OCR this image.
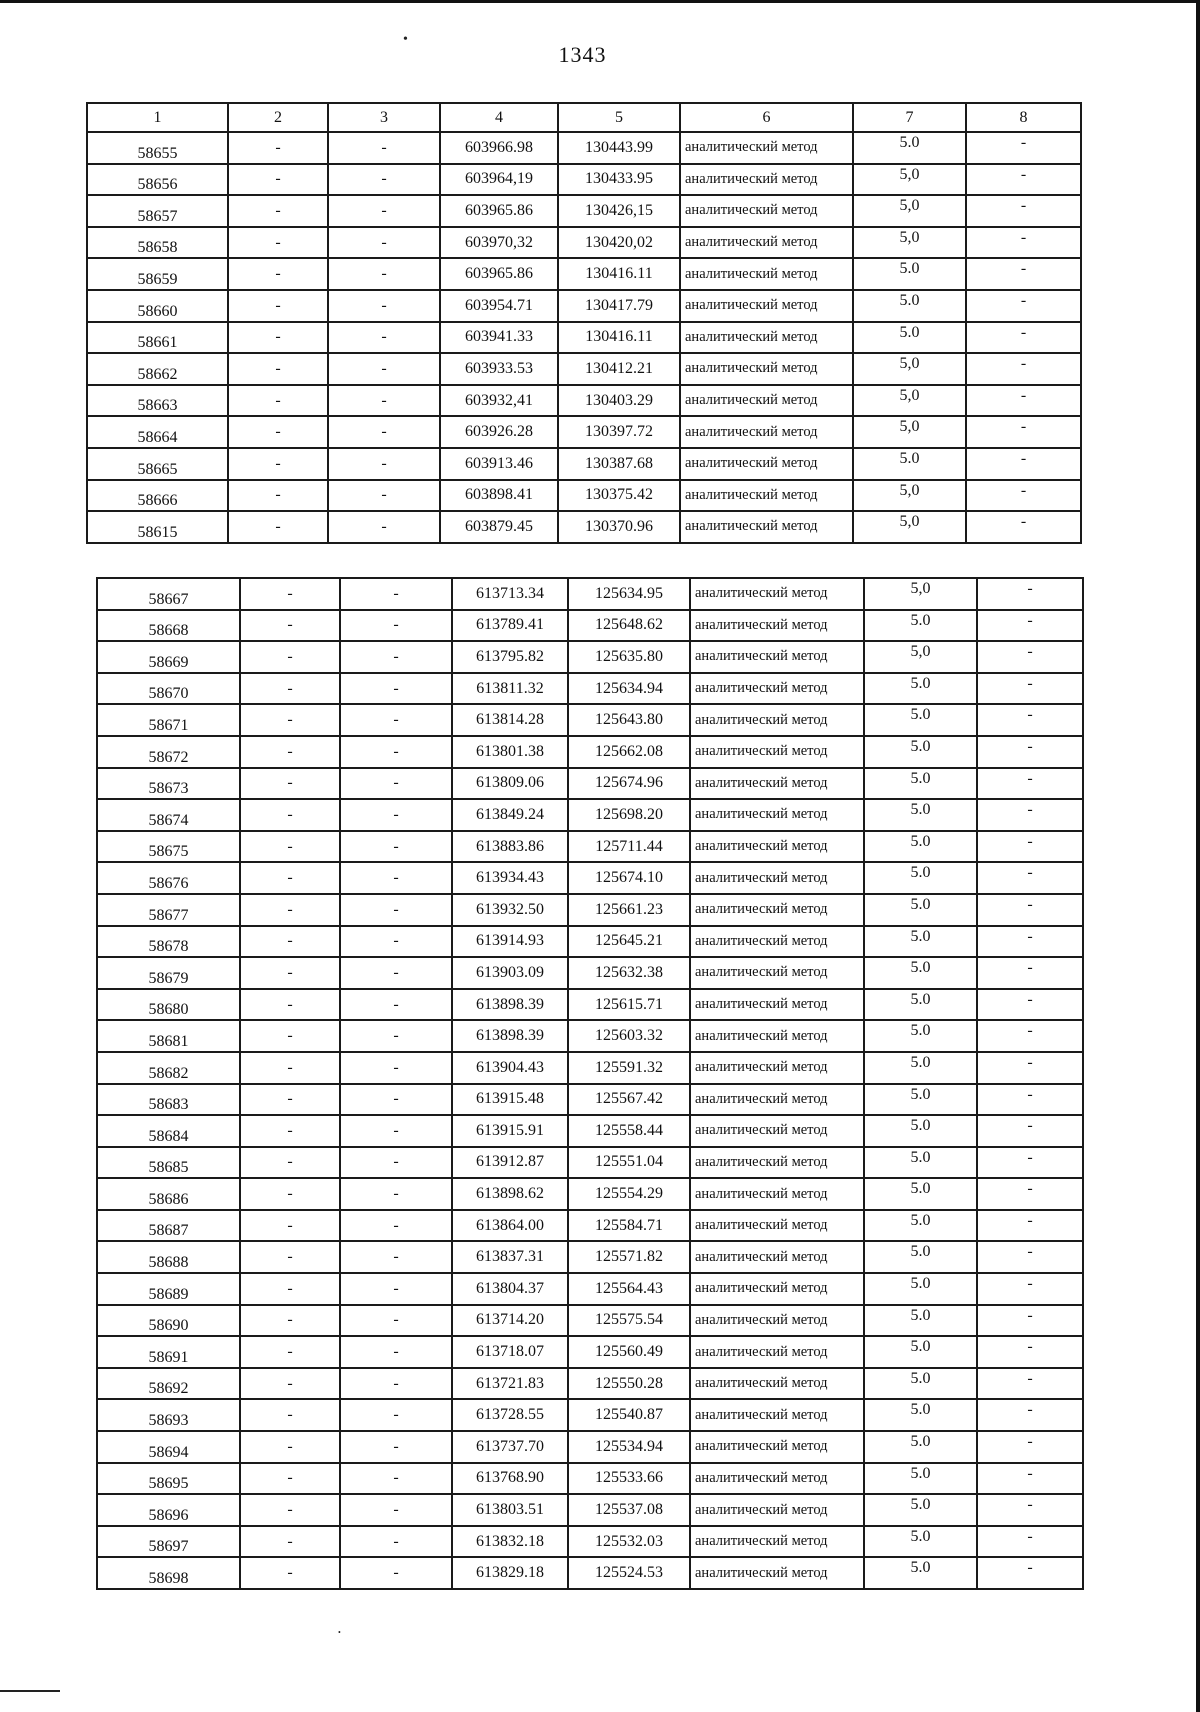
1343
•
•
1	2	3	4	5	6	7	8
58655	-	-	603966.98	130443.99	аналитический метод	5.0	-
58656	-	-	603964,19	130433.95	аналитический метод	5,0	-
58657	-	-	603965.86	130426,15	аналитический метод	5,0	-
58658	-	-	603970,32	130420,02	аналитический метод	5,0	-
58659	-	-	603965.86	130416.11	аналитический метод	5.0	-
58660	-	-	603954.71	130417.79	аналитический метод	5.0	-
58661	-	-	603941.33	130416.11	аналитический метод	5.0	-
58662	-	-	603933.53	130412.21	аналитический метод	5,0	-
58663	-	-	603932,41	130403.29	аналитический метод	5,0	-
58664	-	-	603926.28	130397.72	аналитический метод	5,0	-
58665	-	-	603913.46	130387.68	аналитический метод	5.0	-
58666	-	-	603898.41	130375.42	аналитический метод	5,0	-
58615	-	-	603879.45	130370.96	аналитический метод	5,0	-
58667	-	-	613713.34	125634.95	аналитический метод	5,0	-
58668	-	-	613789.41	125648.62	аналитический метод	5.0	-
58669	-	-	613795.82	125635.80	аналитический метод	5,0	-
58670	-	-	613811.32	125634.94	аналитический метод	5.0	-
58671	-	-	613814.28	125643.80	аналитический метод	5.0	-
58672	-	-	613801.38	125662.08	аналитический метод	5.0	-
58673	-	-	613809.06	125674.96	аналитический метод	5.0	-
58674	-	-	613849.24	125698.20	аналитический метод	5.0	-
58675	-	-	613883.86	125711.44	аналитический метод	5.0	-
58676	-	-	613934.43	125674.10	аналитический метод	5.0	-
58677	-	-	613932.50	125661.23	аналитический метод	5.0	-
58678	-	-	613914.93	125645.21	аналитический метод	5.0	-
58679	-	-	613903.09	125632.38	аналитический метод	5.0	-
58680	-	-	613898.39	125615.71	аналитический метод	5.0	-
58681	-	-	613898.39	125603.32	аналитический метод	5.0	-
58682	-	-	613904.43	125591.32	аналитический метод	5.0	-
58683	-	-	613915.48	125567.42	аналитический метод	5.0	-
58684	-	-	613915.91	125558.44	аналитический метод	5.0	-
58685	-	-	613912.87	125551.04	аналитический метод	5.0	-
58686	-	-	613898.62	125554.29	аналитический метод	5.0	-
58687	-	-	613864.00	125584.71	аналитический метод	5.0	-
58688	-	-	613837.31	125571.82	аналитический метод	5.0	-
58689	-	-	613804.37	125564.43	аналитический метод	5.0	-
58690	-	-	613714.20	125575.54	аналитический метод	5.0	-
58691	-	-	613718.07	125560.49	аналитический метод	5.0	-
58692	-	-	613721.83	125550.28	аналитический метод	5.0	-
58693	-	-	613728.55	125540.87	аналитический метод	5.0	-
58694	-	-	613737.70	125534.94	аналитический метод	5.0	-
58695	-	-	613768.90	125533.66	аналитический метод	5.0	-
58696	-	-	613803.51	125537.08	аналитический метод	5.0	-
58697	-	-	613832.18	125532.03	аналитический метод	5.0	-
58698	-	-	613829.18	125524.53	аналитический метод	5.0	-
